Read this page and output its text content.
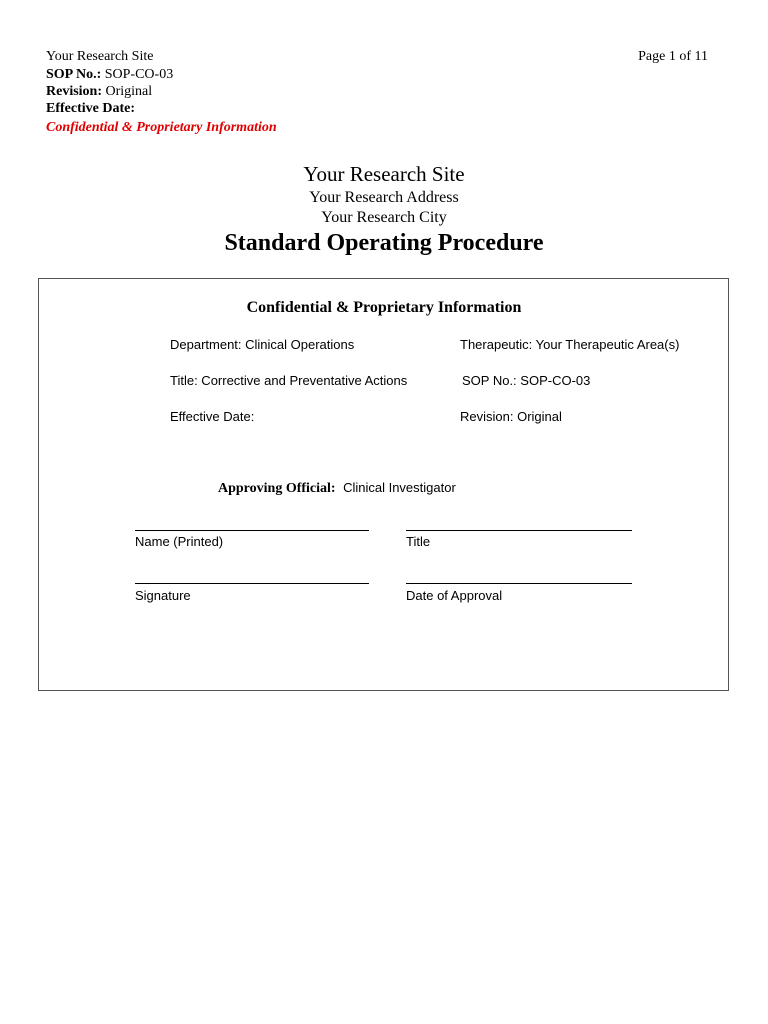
Your Research Site	Page 1 of 11
SOP No.: SOP-CO-03
Revision: Original
Effective Date:
Confidential & Proprietary Information
Your Research Site
Your Research Address
Your Research City
Standard Operating Procedure
Confidential & Proprietary Information
Department: Clinical Operations	Therapeutic: Your Therapeutic Area(s)
Title: Corrective and Preventative Actions	SOP No.: SOP-CO-03
Effective Date:	Revision: Original
Approving Official: Clinical Investigator
Name (Printed)	Title
Signature	Date of Approval
